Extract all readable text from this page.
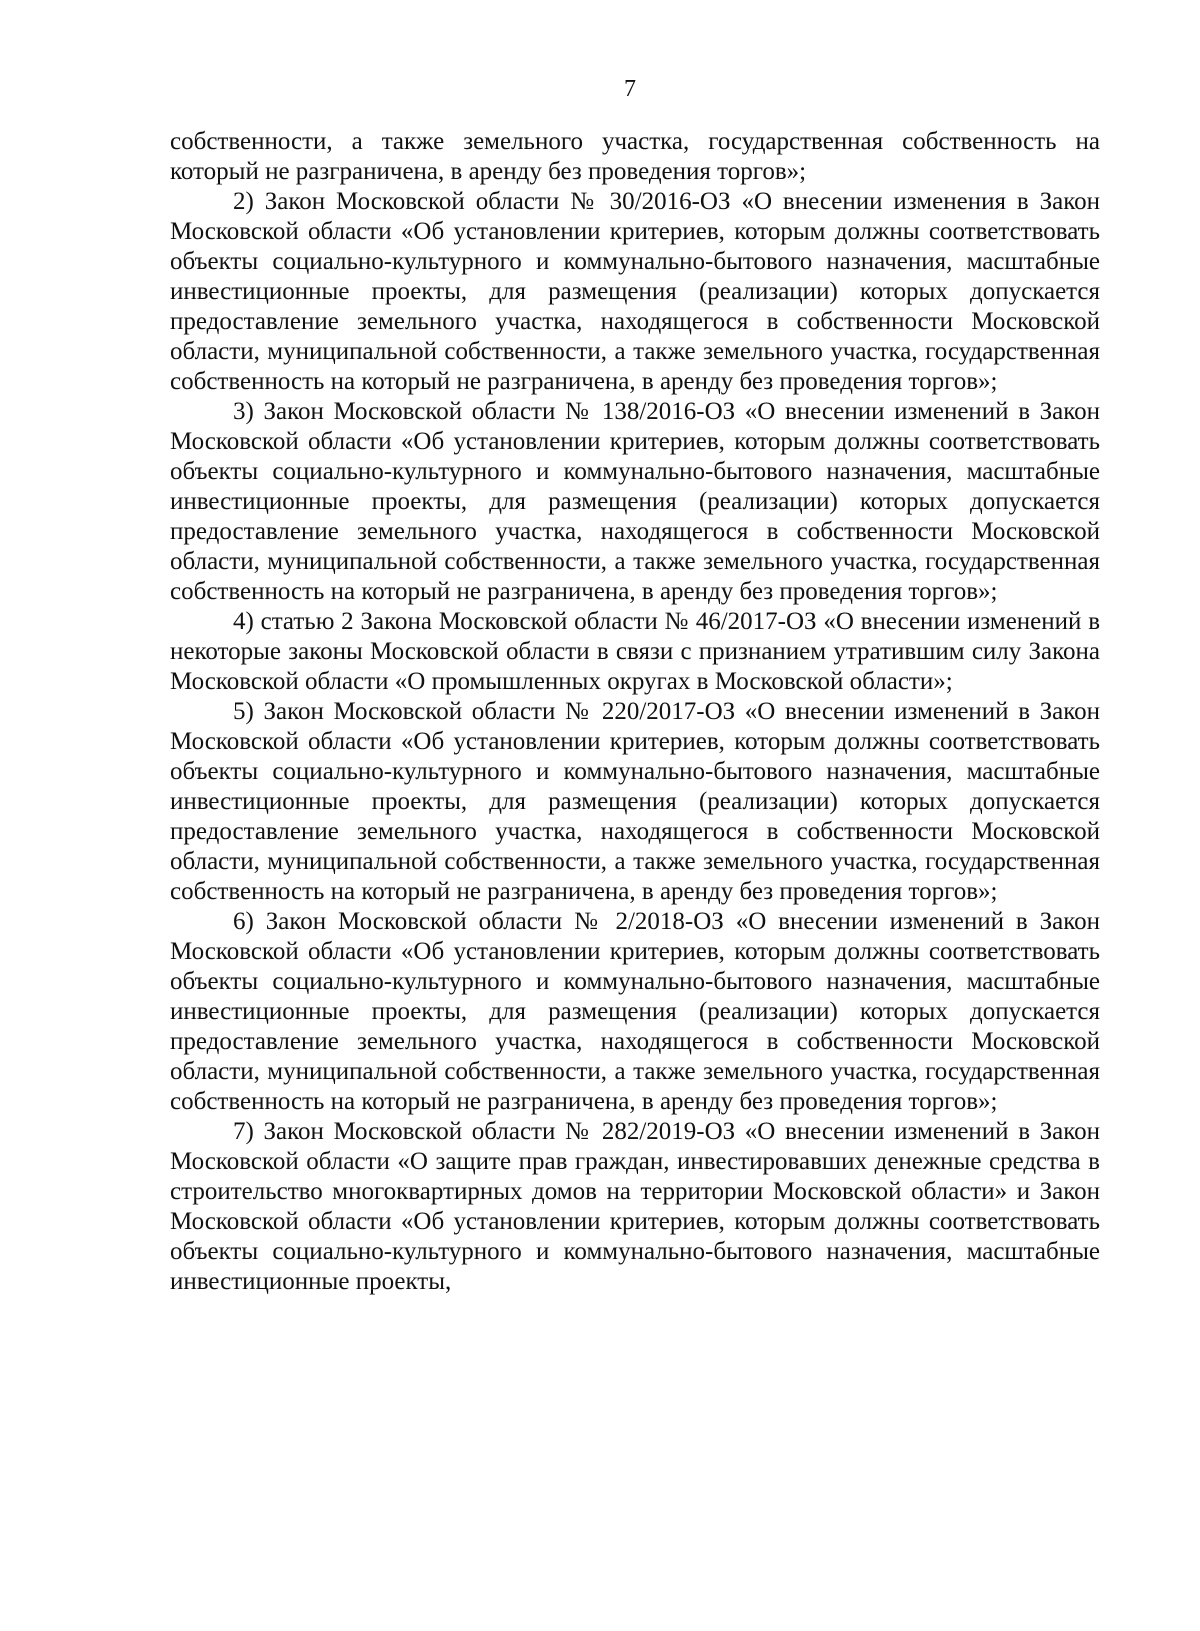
7

собственности, а также земельного участка, государственная собственность на который не разграничена, в аренду без проведения торгов»;

2) Закон Московской области № 30/2016-ОЗ «О внесении изменения в Закон Московской области «Об установлении критериев, которым должны соответствовать объекты социально-культурного и коммунально-бытового назначения, масштабные инвестиционные проекты, для размещения (реализации) которых допускается предоставление земельного участка, находящегося в собственности Московской области, муниципальной собственности, а также земельного участка, государственная собственность на который не разграничена, в аренду без проведения торгов»;

3) Закон Московской области № 138/2016-ОЗ «О внесении изменений в Закон Московской области «Об установлении критериев, которым должны соответствовать объекты социально-культурного и коммунально-бытового назначения, масштабные инвестиционные проекты, для размещения (реализации) которых допускается предоставление земельного участка, находящегося в собственности Московской области, муниципальной собственности, а также земельного участка, государственная собственность на который не разграничена, в аренду без проведения торгов»;

4) статью 2 Закона Московской области № 46/2017-ОЗ «О внесении изменений в некоторые законы Московской области в связи с признанием утратившим силу Закона Московской области «О промышленных округах в Московской области»;

5) Закон Московской области № 220/2017-ОЗ «О внесении изменений в Закон Московской области «Об установлении критериев, которым должны соответствовать объекты социально-культурного и коммунально-бытового назначения, масштабные инвестиционные проекты, для размещения (реализации) которых допускается предоставление земельного участка, находящегося в собственности Московской области, муниципальной собственности, а также земельного участка, государственная собственность на который не разграничена, в аренду без проведения торгов»;

6) Закон Московской области № 2/2018-ОЗ «О внесении изменений в Закон Московской области «Об установлении критериев, которым должны соответствовать объекты социально-культурного и коммунально-бытового назначения, масштабные инвестиционные проекты, для размещения (реализации) которых допускается предоставление земельного участка, находящегося в собственности Московской области, муниципальной собственности, а также земельного участка, государственная собственность на который не разграничена, в аренду без проведения торгов»;

7) Закон Московской области № 282/2019-ОЗ «О внесении изменений в Закон Московской области «О защите прав граждан, инвестировавших денежные средства в строительство многоквартирных домов на территории Московской области» и Закон Московской области «Об установлении критериев, которым должны соответствовать объекты социально-культурного и коммунально-бытового назначения, масштабные инвестиционные проекты,
